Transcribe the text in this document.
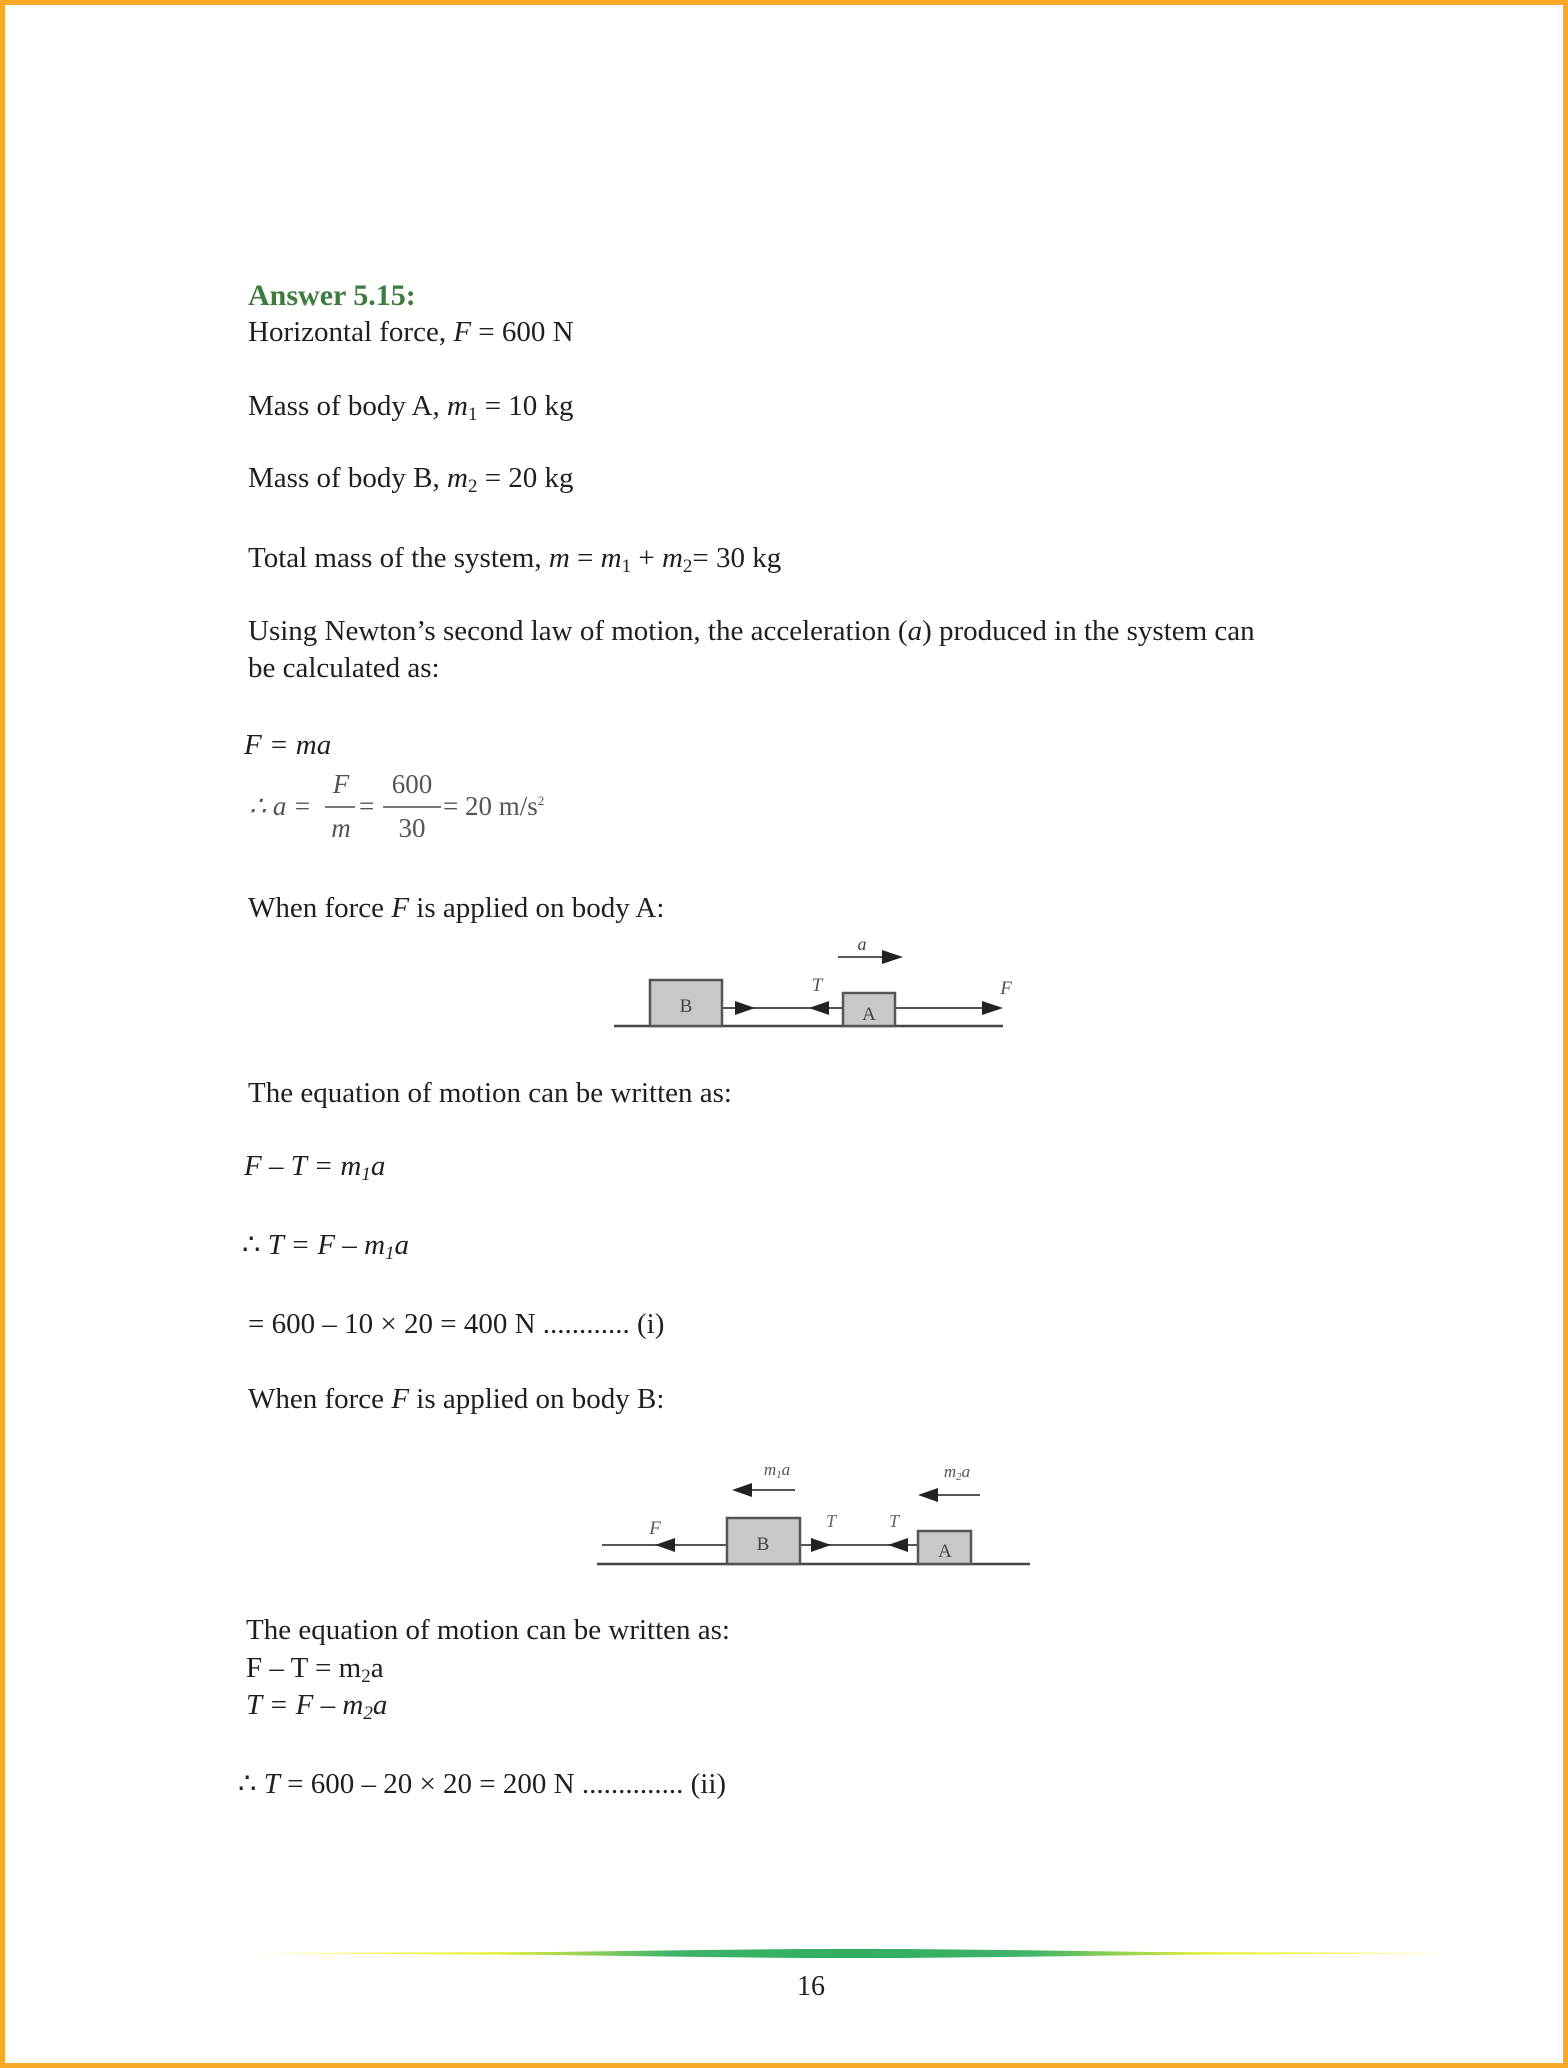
Answer 5.15:
Horizontal force, F = 600 N
Mass of body A, $m_1 = 10$ kg
Mass of body B, $m_2 = 20$ kg
Total mass of the system, $m = m_1 + m_2= 30$ kg
Using Newton’s second law of motion, the acceleration (a) produced in the system can
be calculated as:
F = ma
∴ a =
F
m
=
600
30
= 20 $m/s^2$
When force F is applied on body A:
B	A
a
T	F
The equation of motion can be written as:
F – T = m1a
∴ T = F – m1a
= 600 – 10 × 20 = 400 N ............ (i)
When force F is applied on body B:
F
B
T	T
A
m1a	m2a
The equation of motion can be written as:
$F - T = m_2a$
T = F – m2a
∴ T = 600 – 20 × 20 = 200 N .............. (ii)
16
